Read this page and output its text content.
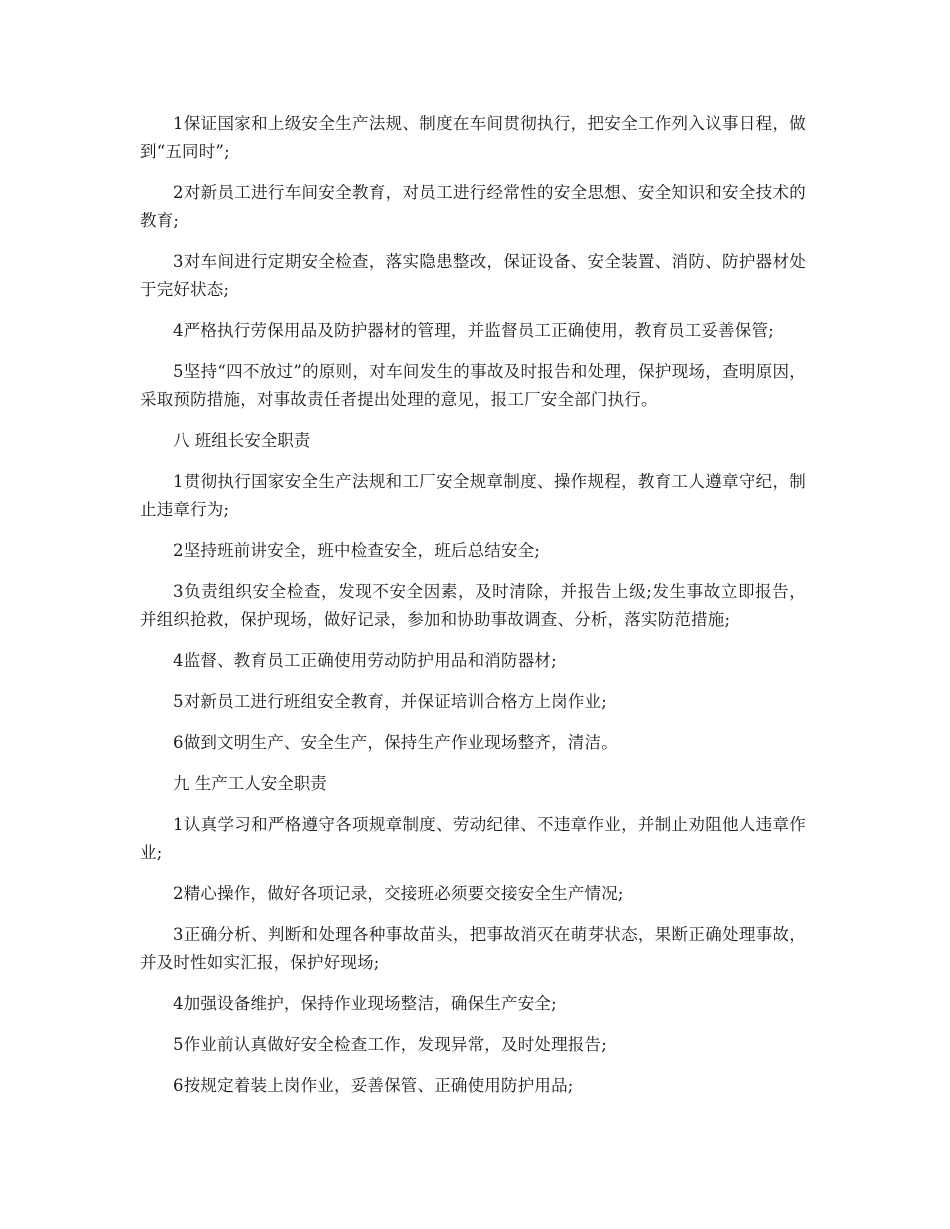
1保证国家和上级安全生产法规、制度在车间贯彻执行，把安全工作列入议事日程，做到“五同时”;

2对新员工进行车间安全教育，对员工进行经常性的安全思想、安全知识和安全技术的教育;

3对车间进行定期安全检查，落实隐患整改，保证设备、安全装置、消防、防护器材处于完好状态;

4严格执行劳保用品及防护器材的管理，并监督员工正确使用，教育员工妥善保管;

5坚持“四不放过”的原则，对车间发生的事故及时报告和处理，保护现场，查明原因，采取预防措施，对事故责任者提出处理的意见，报工厂安全部门执行。

八 班组长安全职责

1贯彻执行国家安全生产法规和工厂安全规章制度、操作规程，教育工人遵章守纪，制止违章行为;

2坚持班前讲安全，班中检查安全，班后总结安全;

3负责组织安全检查，发现不安全因素，及时清除，并报告上级;发生事故立即报告，并组织抢救，保护现场，做好记录，参加和协助事故调查、分析，落实防范措施;

4监督、教育员工正确使用劳动防护用品和消防器材;

5对新员工进行班组安全教育，并保证培训合格方上岗作业;

6做到文明生产、安全生产，保持生产作业现场整齐，清洁。

九 生产工人安全职责

1认真学习和严格遵守各项规章制度、劳动纪律、不违章作业，并制止劝阻他人违章作业;

2精心操作，做好各项记录，交接班必须要交接安全生产情况;

3正确分析、判断和处理各种事故苗头，把事故消灭在萌芽状态，果断正确处理事故，并及时性如实汇报，保护好现场;

4加强设备维护，保持作业现场整洁，确保生产安全;

5作业前认真做好安全检查工作，发现异常，及时处理报告;

6按规定着装上岗作业，妥善保管、正确使用防护用品;
